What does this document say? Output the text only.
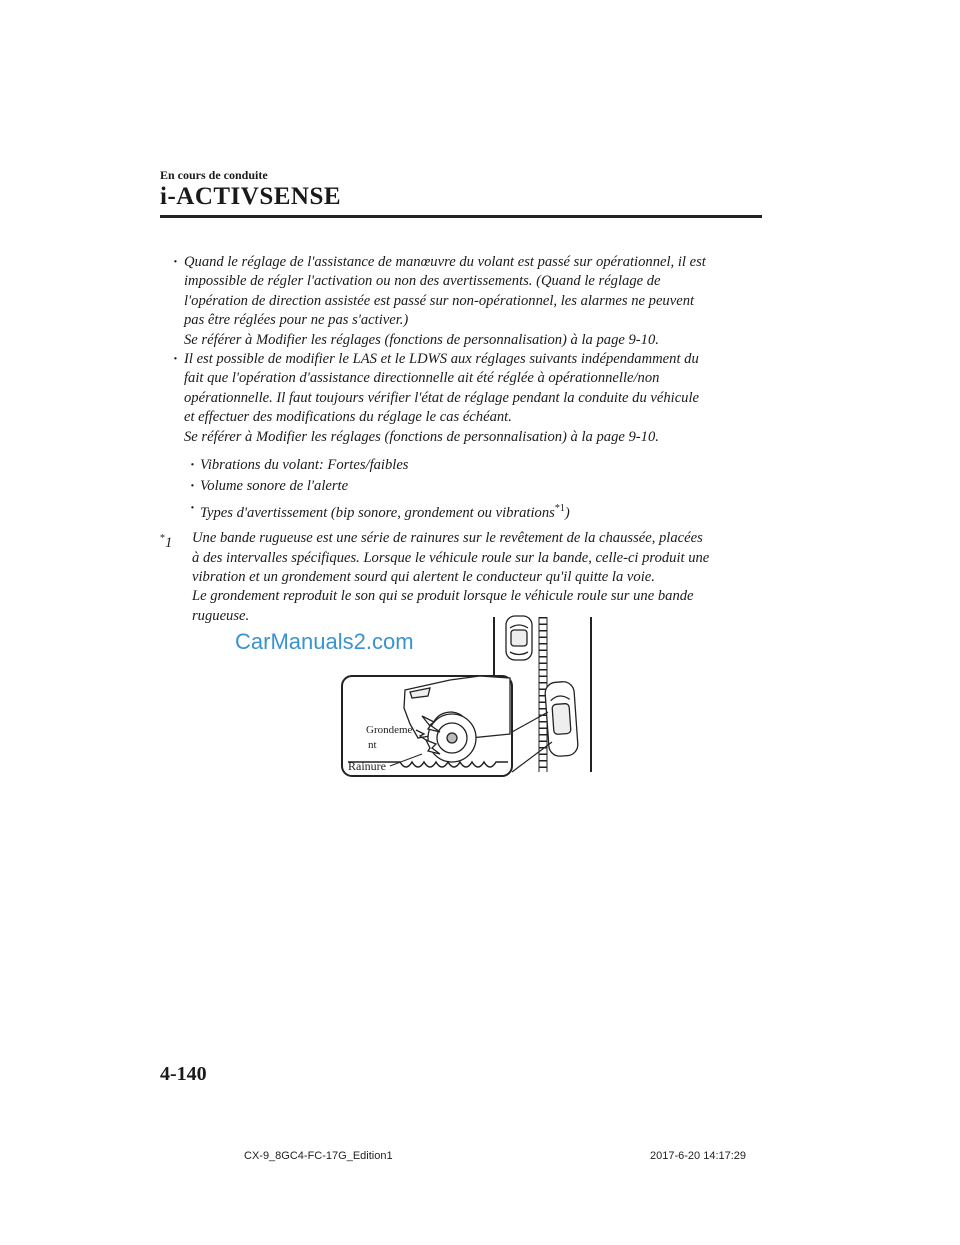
En cours de conduite
i-ACTIVSENSE

· Quand le réglage de l'assistance de manœuvre du volant est passé sur opérationnel, il est

impossible de régler l'activation ou non des avertissements. (Quand le réglage de

l'opération de direction assistée est passé sur non-opérationnel, les alarmes ne peuvent

pas être réglées pour ne pas s'activer.)

Se référer à Modifier les réglages (fonctions de personnalisation) à la page 9-10.

· Il est possible de modifier le LAS et le LDWS aux réglages suivants indépendamment du

fait que l'opération d'assistance directionnelle ait été réglée à opérationnelle/non

opérationnelle. Il faut toujours vérifier l'état de réglage pendant la conduite du véhicule

et effectuer des modifications du réglage le cas échéant.

Se référer à Modifier les réglages (fonctions de personnalisation) à la page 9-10.

· Vibrations du volant: Fortes/faibles
· Volume sonore de l'alerte
· Types d'avertissement (bip sonore, grondement ou vibrations$^{*1}$)
*1 Une bande rugueuse est une série de rainures sur le revêtement de la chaussée, placées

à des intervalles spécifiques. Lorsque le véhicule roule sur la bande, celle-ci produit une

vibration et un grondement sourd qui alertent le conducteur qu'il quitte la voie.

Le grondement reproduit le son qui se produit lorsque le véhicule roule sur une bande

rugueuse.

CarManuals2.com
Grondeme
nt
Rainure
4-140
CX-9_8GC4-FC-17G_Edition1	2017-6-20 14:17:29
